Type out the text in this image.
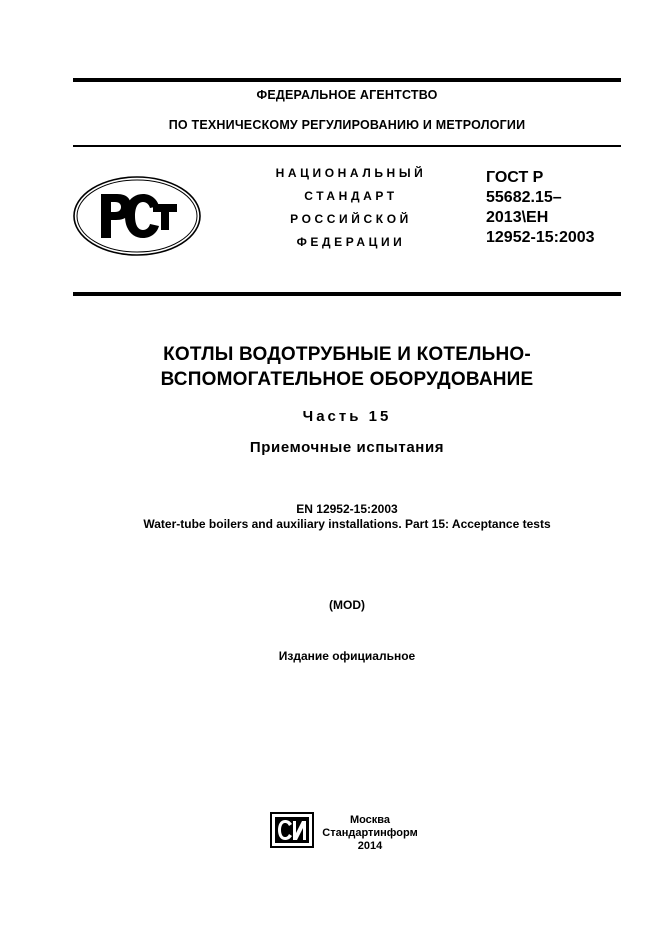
ФЕДЕРАЛЬНОЕ АГЕНТСТВО
ПО ТЕХНИЧЕСКОМУ РЕГУЛИРОВАНИЮ И МЕТРОЛОГИИ
НАЦИОНАЛЬНЫЙ
СТАНДАРТ
РОССИЙСКОЙ
ФЕДЕРАЦИИ
ГОСТ Р
55682.15–
2013\EH
12952-15:2003
КОТЛЫ ВОДОТРУБНЫЕ И КОТЕЛЬНО-
ВСПОМОГАТЕЛЬНОЕ ОБОРУДОВАНИЕ
Часть 15
Приемочные испытания
EN 12952-15:2003
Water-tube boilers and auxiliary installations. Part 15: Acceptance tests
(MOD)
Издание официальное
Москва
Стандартинформ
2014
